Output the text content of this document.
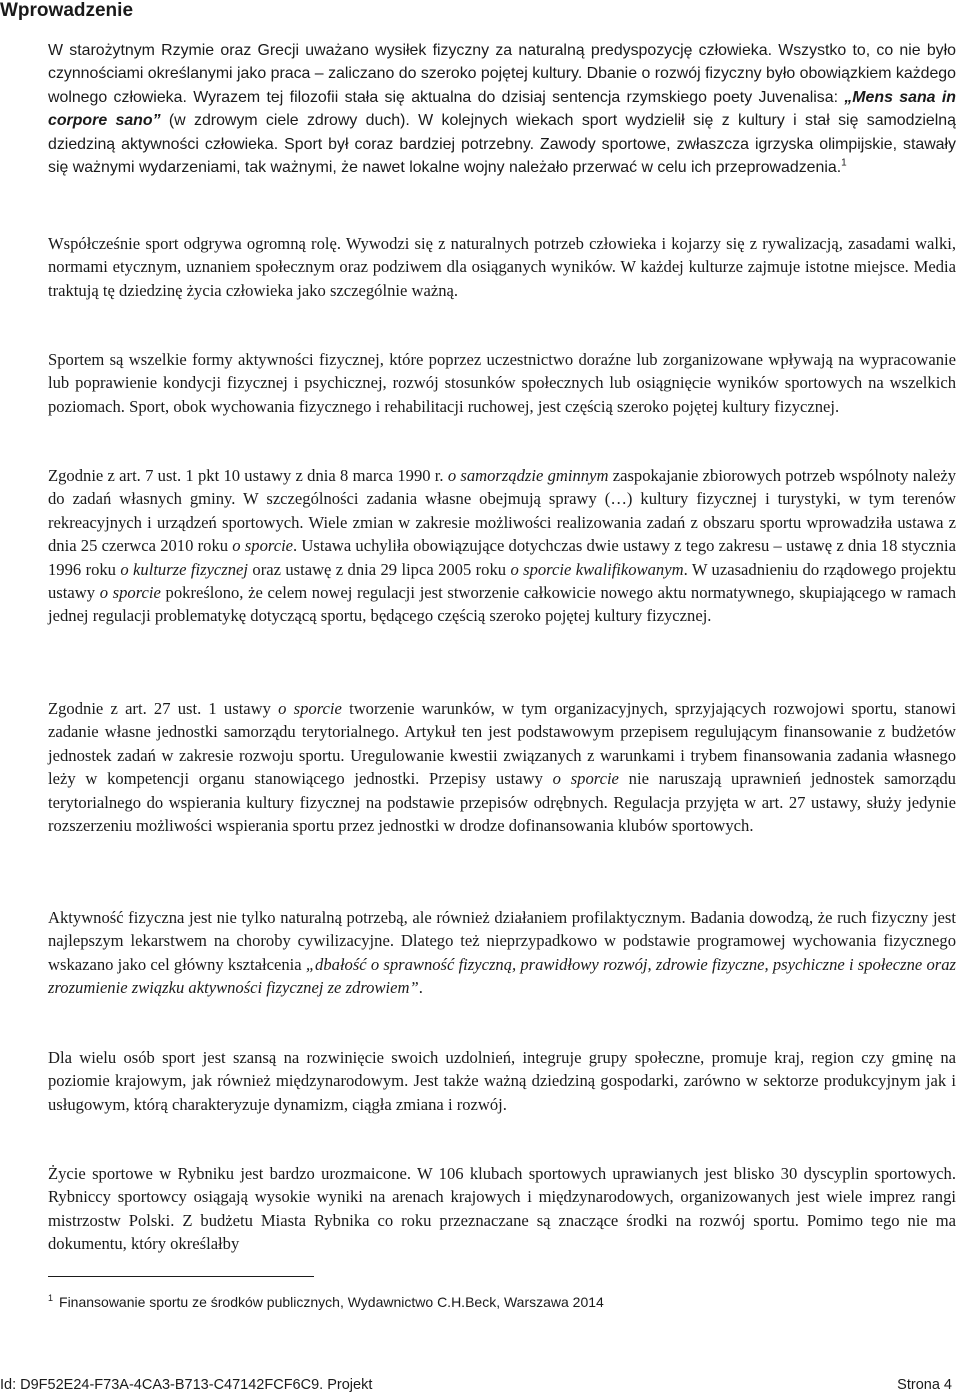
Wprowadzenie

W starożytnym Rzymie oraz Grecji uważano wysiłek fizyczny za naturalną predyspozycję człowieka. Wszystko to, co nie było czynnościami określanymi jako praca – zaliczano do szeroko pojętej kultury. Dbanie o rozwój fizyczny było obowiązkiem każdego wolnego człowieka. Wyrazem tej filozofii stała się aktualna do dzisiaj sentencja rzymskiego poety Juvenalisa: „Mens sana in corpore sano” (w zdrowym ciele zdrowy duch). W kolejnych wiekach sport wydzielił się z kultury i stał się samodzielną dziedziną aktywności człowieka. Sport był coraz bardziej potrzebny. Zawody sportowe, zwłaszcza igrzyska olimpijskie, stawały się ważnymi wydarzeniami, tak ważnymi, że nawet lokalne wojny należało przerwać w celu ich przeprowadzenia.$^1$

Współcześnie sport odgrywa ogromną rolę. Wywodzi się z naturalnych potrzeb człowieka i kojarzy się z rywalizacją, zasadami walki, normami etycznym, uznaniem społecznym oraz podziwem dla osiąganych wyników. W każdej kulturze zajmuje istotne miejsce. Media traktują tę dziedzinę życia człowieka jako szczególnie ważną.

Sportem są wszelkie formy aktywności fizycznej, które poprzez uczestnictwo doraźne lub zorganizowane wpływają na wypracowanie lub poprawienie kondycji fizycznej i psychicznej, rozwój stosunków społecznych lub osiągnięcie wyników sportowych na wszelkich poziomach. Sport, obok wychowania fizycznego i rehabilitacji ruchowej, jest częścią szeroko pojętej kultury fizycznej.

Zgodnie z art. 7 ust. 1 pkt 10 ustawy z dnia 8 marca 1990 r. o samorządzie gminnym zaspokajanie zbiorowych potrzeb wspólnoty należy do zadań własnych gminy. W szczególności zadania własne obejmują sprawy (…) kultury fizycznej i turystyki, w tym terenów rekreacyjnych i urządzeń sportowych. Wiele zmian w zakresie możliwości realizowania zadań z obszaru sportu wprowadziła ustawa z dnia 25 czerwca 2010 roku o sporcie. Ustawa uchyliła obowiązujące dotychczas dwie ustawy z tego zakresu – ustawę z dnia 18 stycznia 1996 roku o kulturze fizycznej oraz ustawę z dnia 29 lipca 2005 roku o sporcie kwalifikowanym. W uzasadnieniu do rządowego projektu ustawy o sporcie pokreślono, że celem nowej regulacji jest stworzenie całkowicie nowego aktu normatywnego, skupiającego w ramach jednej regulacji problematykę dotyczącą sportu, będącego częścią szeroko pojętej kultury fizycznej.

Zgodnie z art. 27 ust. 1 ustawy o sporcie tworzenie warunków, w tym organizacyjnych, sprzyjających rozwojowi sportu, stanowi zadanie własne jednostki samorządu terytorialnego. Artykuł ten jest podstawowym przepisem regulującym finansowanie z budżetów jednostek zadań w zakresie rozwoju sportu. Uregulowanie kwestii związanych z warunkami i trybem finansowania zadania własnego leży w kompetencji organu stanowiącego jednostki. Przepisy ustawy o sporcie nie naruszają uprawnień jednostek samorządu terytorialnego do wspierania kultury fizycznej na podstawie przepisów odrębnych. Regulacja przyjęta w art. 27 ustawy, służy jedynie rozszerzeniu możliwości wspierania sportu przez jednostki w drodze dofinansowania klubów sportowych.

Aktywność fizyczna jest nie tylko naturalną potrzebą, ale również działaniem profilaktycznym. Badania dowodzą, że ruch fizyczny jest najlepszym lekarstwem na choroby cywilizacyjne. Dlatego też nieprzypadkowo w podstawie programowej wychowania fizycznego wskazano jako cel główny kształcenia „dbałość o sprawność fizyczną, prawidłowy rozwój, zdrowie fizyczne, psychiczne i społeczne oraz zrozumienie związku aktywności fizycznej ze zdrowiem”.

Dla wielu osób sport jest szansą na rozwinięcie swoich uzdolnień, integruje grupy społeczne, promuje kraj, region czy gminę na poziomie krajowym, jak również międzynarodowym. Jest także ważną dziedziną gospodarki, zarówno w sektorze produkcyjnym jak i usługowym, którą charakteryzuje dynamizm, ciągła zmiana i rozwój.

Życie sportowe w Rybniku jest bardzo urozmaicone. W 106 klubach sportowych uprawianych jest blisko 30 dyscyplin sportowych. Rybniccy sportowcy osiągają wysokie wyniki na arenach krajowych i międzynarodowych, organizowanych jest wiele imprez rangi mistrzostw Polski. Z budżetu Miasta Rybnika co roku przeznaczane są znaczące środki na rozwój sportu. Pomimo tego nie ma dokumentu, który określałby

$^1$ Finansowanie sportu ze środków publicznych, Wydawnictwo C.H.Beck, Warszawa 2014
Id: D9F52E24-F73A-4CA3-B713-C47142FCF6C9. Projekt	Strona 4
